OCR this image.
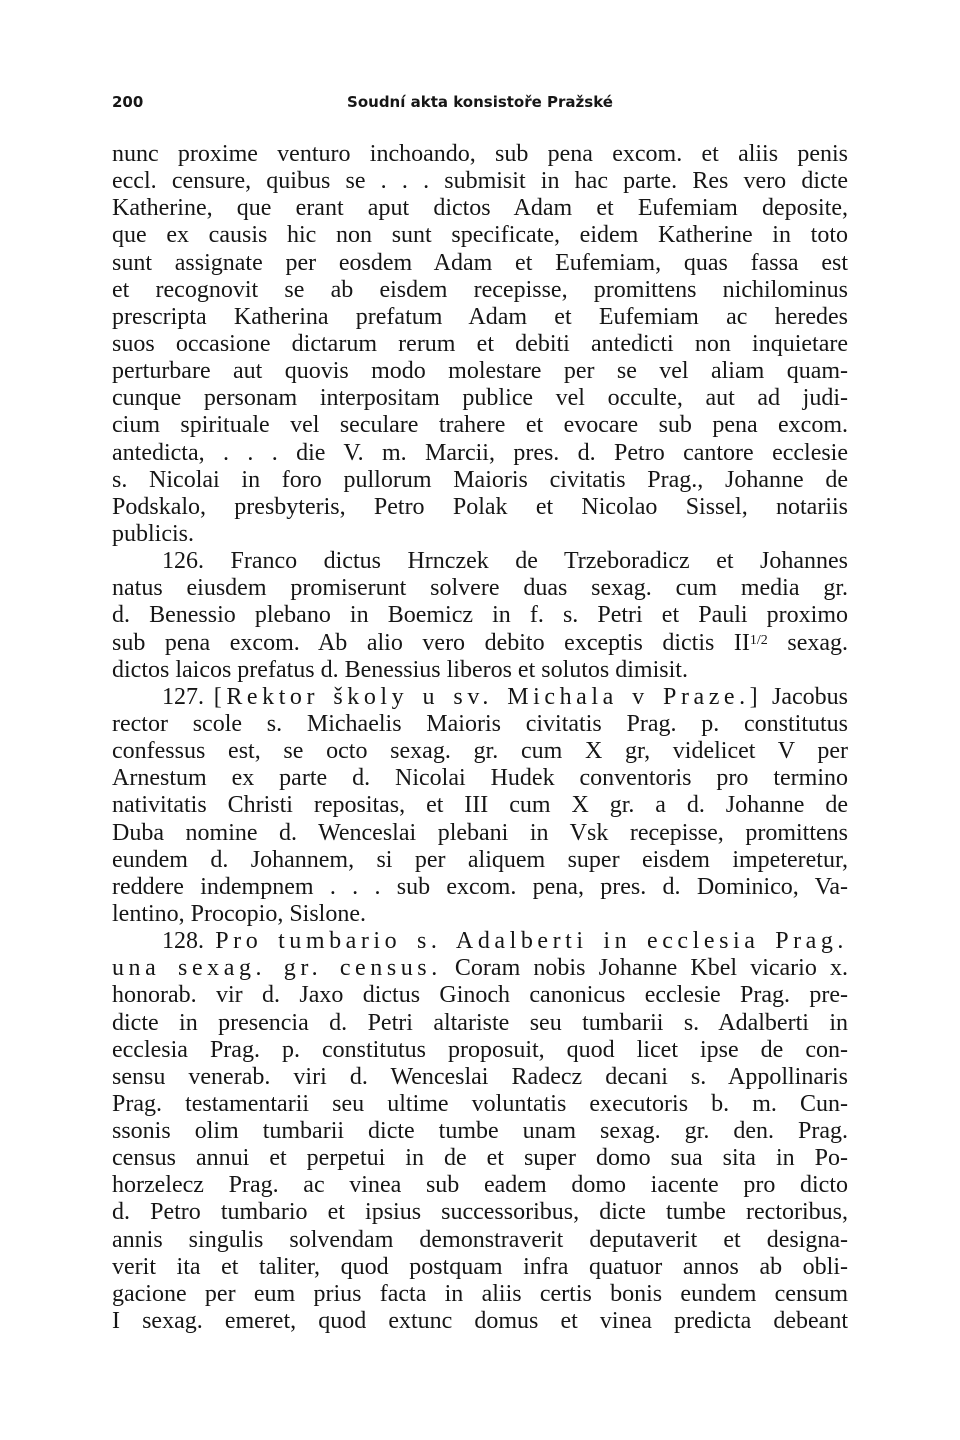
200	Soudní akta konsistoře Pražské
nunc proxime venturo inchoando, sub pena excom. et aliis penis
eccl. censure, quibus se . . . submisit in hac parte. Res vero dicte
Katherine, que erant aput dictos Adam et Eufemiam deposite,
que ex causis hic non sunt specificate, eidem Katherine in toto
sunt assignate per eosdem Adam et Eufemiam, quas fassa est
et recognovit se ab eisdem recepisse, promittens nichilominus
prescripta Katherina prefatum Adam et Eufemiam ac heredes
suos occasione dictarum rerum et debiti antedicti non inquietare
perturbare aut quovis modo molestare per se vel aliam quam-
cunque personam interpositam publice vel occulte, aut ad judi-
cium spirituale vel seculare trahere et evocare sub pena excom.
antedicta, . . . die V. m. Marcii, pres. d. Petro cantore ecclesie
s. Nicolai in foro pullorum Maioris civitatis Prag., Johanne de
Podskalo, presbyteris, Petro Polak et Nicolao Sissel, notariis
publicis.
126. Franco dictus Hrnczek de Trzeboradicz et Johannes
natus eiusdem promiserunt solvere duas sexag. cum media gr.
d. Benessio plebano in Boemicz in f. s. Petri et Pauli proximo
sub pena excom. Ab alio vero debito exceptis dictis $II^{1/2}$ sexag.
dictos laicos prefatus d. Benessius liberos et solutos dimisit.
127. [Rektor školy u sv. Michala v Praze.] Jacobus
rector scole s. Michaelis Maioris civitatis Prag. p. constitutus
confessus est, se octo sexag. gr. cum X gr, videlicet V per
Arnestum ex parte d. Nicolai Hudek conventoris pro termino
nativitatis Christi repositas, et III cum X gr. a d. Johanne de
Duba nomine d. Wenceslai plebani in Vsk recepisse, promittens
eundem d. Johannem, si per aliquem super eisdem impeteretur,
reddere indempnem . . . sub excom. pena, pres. d. Dominico, Va-
lentino, Procopio, Sislone.
128. Pro tumbario s. Adalberti in ecclesia Prag.
una sexag. gr. census. Coram nobis Johanne Kbel vicario x.
honorab. vir d. Jaxo dictus Ginoch canonicus ecclesie Prag. pre-
dicte in presencia d. Petri altariste seu tumbarii s. Adalberti in
ecclesia Prag. p. constitutus proposuit, quod licet ipse de con-
sensu venerab. viri d. Wenceslai Radecz decani s. Appollinaris
Prag. testamentarii seu ultime voluntatis executoris b. m. Cun-
ssonis olim tumbarii dicte tumbe unam sexag. gr. den. Prag.
census annui et perpetui in de et super domo sua sita in Po-
horzelecz Prag. ac vinea sub eadem domo iacente pro dicto
d. Petro tumbario et ipsius successoribus, dicte tumbe rectoribus,
annis singulis solvendam demonstraverit deputaverit et designa-
verit ita et taliter, quod postquam infra quatuor annos ab obli-
gacione per eum prius facta in aliis certis bonis eundem censum
I sexag. emeret, quod extunc domus et vinea predicta debeant
